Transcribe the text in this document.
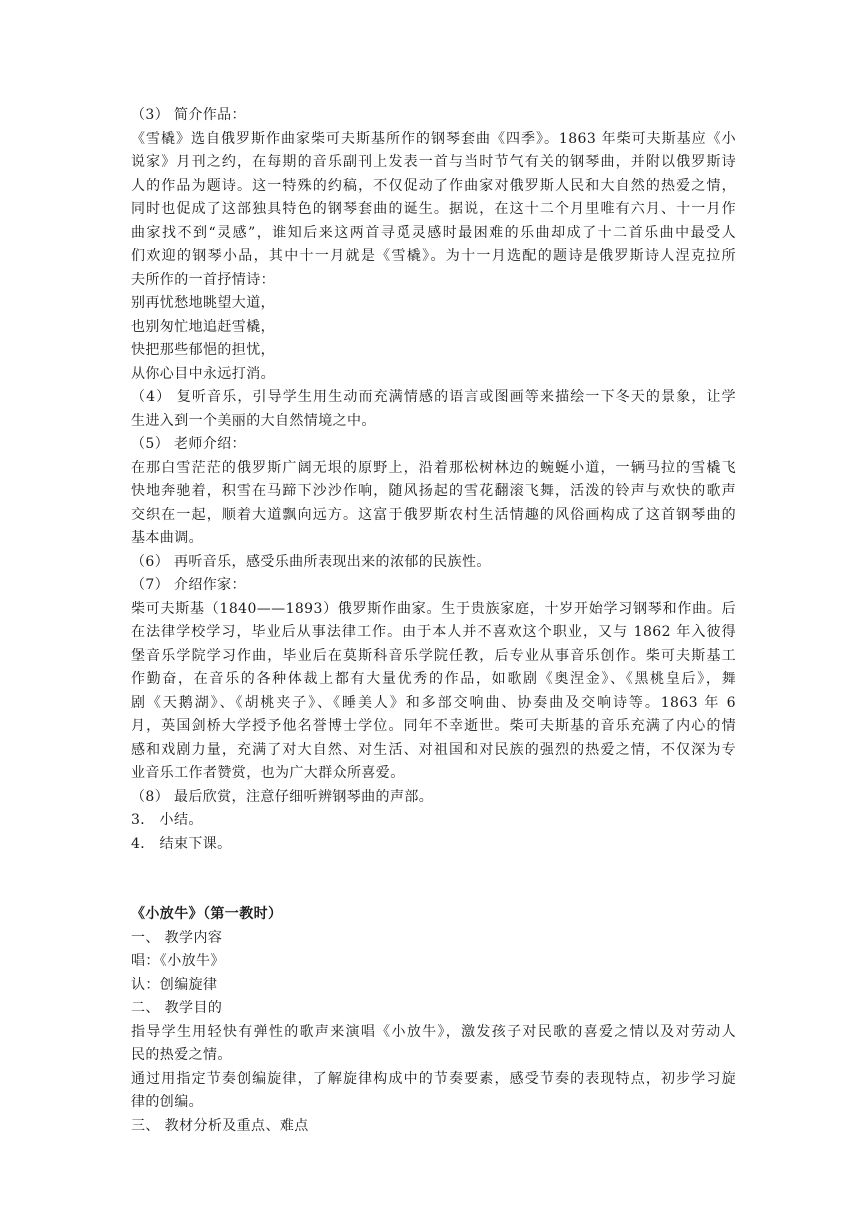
（3） 简介作品：
《雪橇》选自俄罗斯作曲家柴可夫斯基所作的钢琴套曲《四季》。1863 年柴可夫斯基应《小
说家》月刊之约，在每期的音乐副刊上发表一首与当时节气有关的钢琴曲，并附以俄罗斯诗
人的作品为题诗。这一特殊的约稿，不仅促动了作曲家对俄罗斯人民和大自然的热爱之情，
同时也促成了这部独具特色的钢琴套曲的诞生。据说，在这十二个月里唯有六月、十一月作
曲家找不到“灵感”，谁知后来这两首寻觅灵感时最困难的乐曲却成了十二首乐曲中最受人
们欢迎的钢琴小品，其中十一月就是《雪橇》。为十一月选配的题诗是俄罗斯诗人涅克拉所
夫所作的一首抒情诗：
别再忧愁地眺望大道，
也别匆忙地追赶雪橇，
快把那些郁悒的担忧，
从你心目中永远打消。
（4） 复听音乐，引导学生用生动而充满情感的语言或图画等来描绘一下冬天的景象，让学
生进入到一个美丽的大自然情境之中。
（5） 老师介绍：
在那白雪茫茫的俄罗斯广阔无垠的原野上，沿着那松树林边的蜿蜒小道，一辆马拉的雪橇飞
快地奔驰着，积雪在马蹄下沙沙作响，随风扬起的雪花翻滚飞舞，活泼的铃声与欢快的歌声
交织在一起，顺着大道飘向远方。这富于俄罗斯农村生活情趣的风俗画构成了这首钢琴曲的
基本曲调。
（6） 再听音乐，感受乐曲所表现出来的浓郁的民族性。
（7） 介绍作家：
柴可夫斯基（1840——1893）俄罗斯作曲家。生于贵族家庭，十岁开始学习钢琴和作曲。后
在法律学校学习，毕业后从事法律工作。由于本人并不喜欢这个职业，又与 1862 年入彼得
堡音乐学院学习作曲，毕业后在莫斯科音乐学院任教，后专业从事音乐创作。柴可夫斯基工
作勤奋，在音乐的各种体裁上都有大量优秀的作品，如歌剧《奥涅金》、《黑桃皇后》，舞
剧《天鹅湖》、《胡桃夹子》、《睡美人》和多部交响曲、协奏曲及交响诗等。1863 年 6
月，英国剑桥大学授予他名誉博士学位。同年不幸逝世。柴可夫斯基的音乐充满了内心的情
感和戏剧力量，充满了对大自然、对生活、对祖国和对民族的强烈的热爱之情，不仅深为专
业音乐工作者赞赏，也为广大群众所喜爱。
（8） 最后欣赏，注意仔细听辨钢琴曲的声部。
3． 小结。
4． 结束下课。
《小放牛》（第一教时）
一、 教学内容
唱：《小放牛》
认：创编旋律
二、 教学目的
指导学生用轻快有弹性的歌声来演唱《小放牛》，激发孩子对民歌的喜爱之情以及对劳动人
民的热爱之情。
通过用指定节奏创编旋律，了解旋律构成中的节奏要素，感受节奏的表现特点，初步学习旋
律的创编。
三、 教材分析及重点、难点
